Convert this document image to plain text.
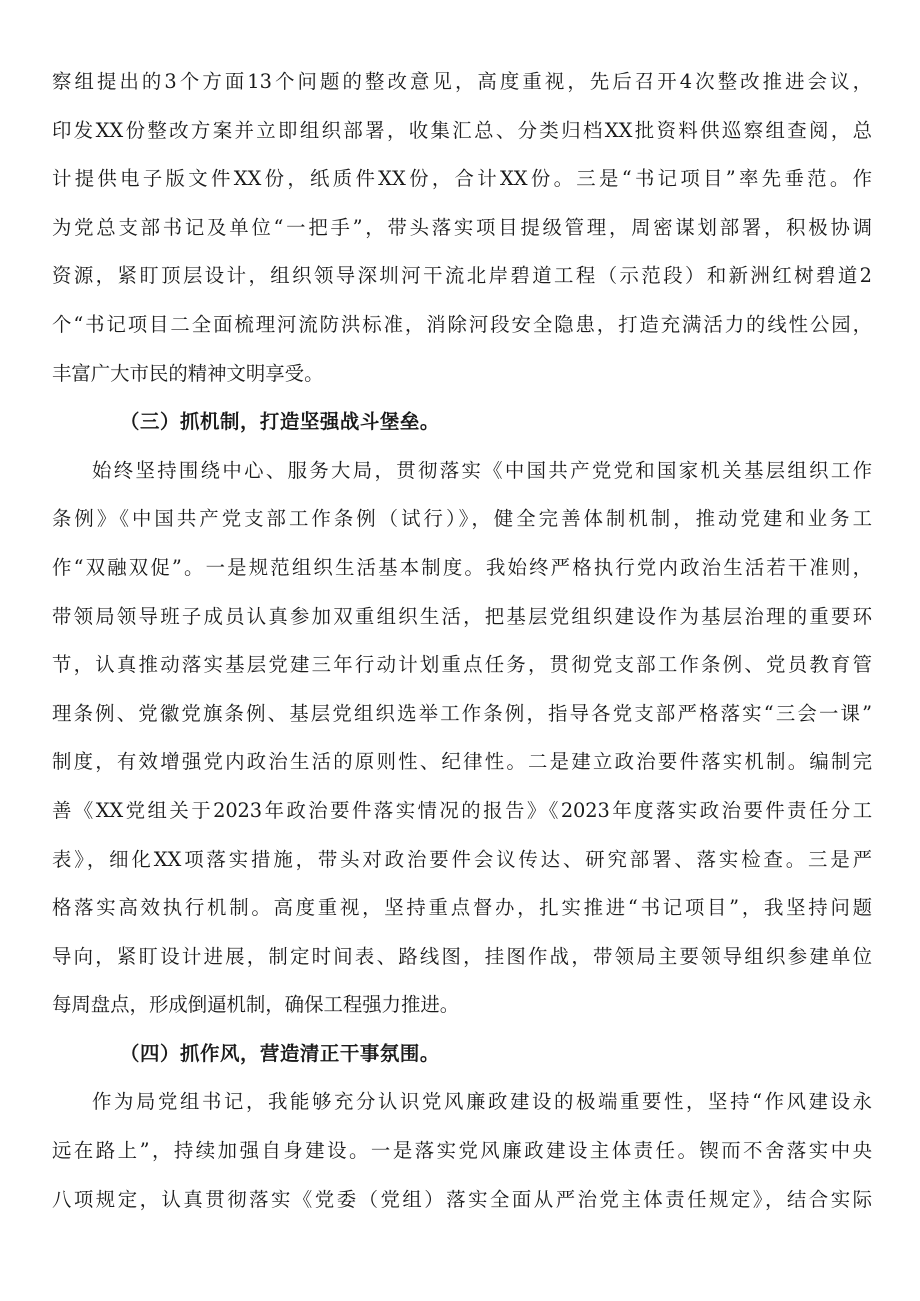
察组提出的3个方面13个问题的整改意见，高度重视，先后召开4次整改推进会议，
印发XX份整改方案并立即组织部署，收集汇总、分类归档XX批资料供巡察组查阅，总
计提供电子版文件XX份，纸质件XX份，合计XX份。三是“书记项目”率先垂范。作
为党总支部书记及单位“一把手”，带头落实项目提级管理，周密谋划部署，积极协调
资源，紧盯顶层设计，组织领导深圳河干流北岸碧道工程（示范段）和新洲红树碧道2
个“书记项目二全面梳理河流防洪标准，消除河段安全隐患，打造充满活力的线性公园，
丰富广大市民的精神文明享受。
（三）抓机制，打造坚强战斗堡垒。
始终坚持围绕中心、服务大局，贯彻落实《中国共产党党和国家机关基层组织工作
条例》《中国共产党支部工作条例（试行）》，健全完善体制机制，推动党建和业务工
作“双融双促”。一是规范组织生活基本制度。我始终严格执行党内政治生活若干准则，
带领局领导班子成员认真参加双重组织生活，把基层党组织建设作为基层治理的重要环
节，认真推动落实基层党建三年行动计划重点任务，贯彻党支部工作条例、党员教育管
理条例、党徽党旗条例、基层党组织选举工作条例，指导各党支部严格落实“三会一课”
制度，有效增强党内政治生活的原则性、纪律性。二是建立政治要件落实机制。编制完
善《XX党组关于2023年政治要件落实情况的报告》《2023年度落实政治要件责任分工
表》，细化XX项落实措施，带头对政治要件会议传达、研究部署、落实检查。三是严
格落实高效执行机制。高度重视，坚持重点督办，扎实推进“书记项目”，我坚持问题
导向，紧盯设计进展，制定时间表、路线图，挂图作战，带领局主要领导组织参建单位
每周盘点，形成倒逼机制，确保工程强力推进。
（四）抓作风，营造清正干事氛围。
作为局党组书记，我能够充分认识党风廉政建设的极端重要性，坚持“作风建设永
远在路上”，持续加强自身建设。一是落实党风廉政建设主体责任。锲而不舍落实中央
八项规定，认真贯彻落实《党委（党组）落实全面从严治党主体责任规定》，结合实际
